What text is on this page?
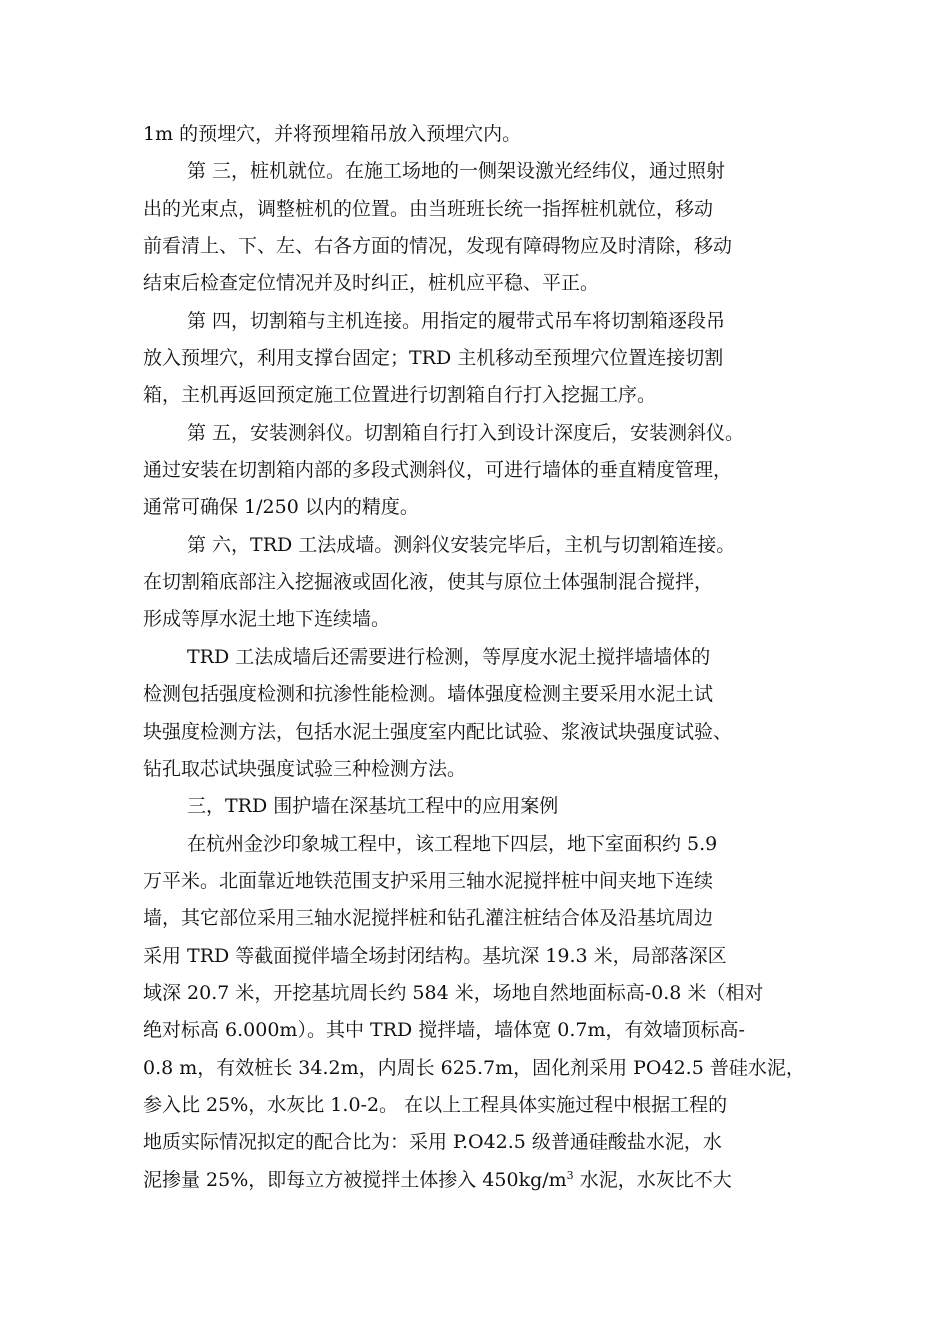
1m 的预埋穴，并将预埋箱吊放入预埋穴内。
第 三，桩机就位。在施工场地的一侧架设激光经纬仪，通过照射
出的光束点，调整桩机的位置。由当班班长统一指挥桩机就位，移动
前看清上、下、左、右各方面的情况，发现有障碍物应及时清除，移动
结束后检查定位情况并及时纠正，桩机应平稳、平正。
第 四，切割箱与主机连接。用指定的履带式吊车将切割箱逐段吊
放入预埋穴，利用支撑台固定；TRD 主机移动至预埋穴位置连接切割
箱，主机再返回预定施工位置进行切割箱自行打入挖掘工序。
第 五，安装测斜仪。切割箱自行打入到设计深度后，安装测斜仪。
通过安装在切割箱内部的多段式测斜仪，可进行墙体的垂直精度管理，
通常可确保 1/250 以内的精度。
第 六，TRD 工法成墙。测斜仪安装完毕后，主机与切割箱连接。
在切割箱底部注入挖掘液或固化液，使其与原位土体强制混合搅拌，
形成等厚水泥土地下连续墙。
TRD 工法成墙后还需要进行检测，等厚度水泥土搅拌墙墙体的
检测包括强度检测和抗渗性能检测。墙体强度检测主要采用水泥土试
块强度检测方法，包括水泥土强度室内配比试验、浆液试块强度试验、
钻孔取芯试块强度试验三种检测方法。
三，TRD 围护墙在深基坑工程中的应用案例
在杭州金沙印象城工程中，该工程地下四层，地下室面积约 5.9
万平米。北面靠近地铁范围支护采用三轴水泥搅拌桩中间夹地下连续
墙，其它部位采用三轴水泥搅拌桩和钻孔灌注桩结合体及沿基坑周边
采用 TRD 等截面搅伴墙全场封闭结构。基坑深 19.3 米，局部落深区
域深 20.7 米，开挖基坑周长约 584 米，场地自然地面标高-0.8 米（相对
绝对标高 6.000m）。其中 TRD 搅拌墙，墙体宽 0.7m，有效墙顶标高-
0.8 m，有效桩长 34.2m，内周长 625.7m，固化剂采用 PO42.5 普硅水泥，
参入比 25%，水灰比 1.0-2。 在以上工程具体实施过程中根据工程的
地质实际情况拟定的配合比为：采用 P.O42.5 级普通硅酸盐水泥，水
泥掺量 25%，即每立方被搅拌土体掺入 $450kg/m^3$ 水泥，水灰比不大
